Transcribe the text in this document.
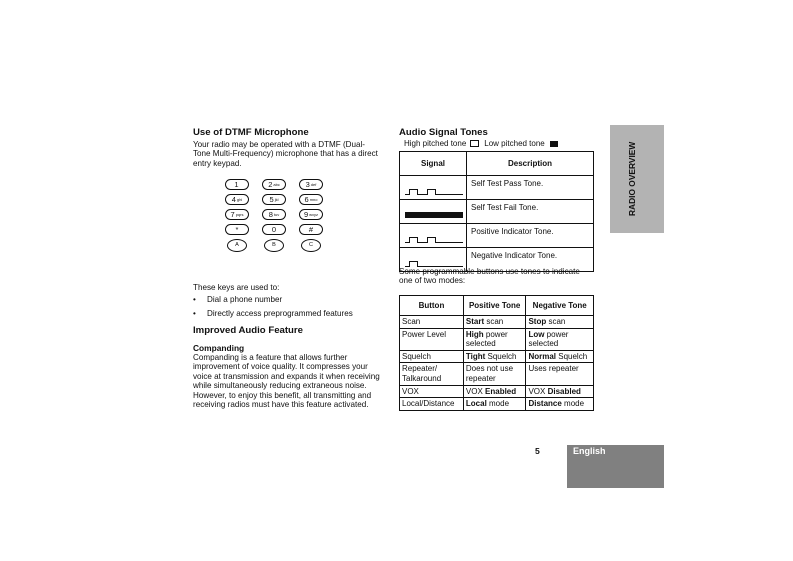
Use of DTMF Microphone
Your radio may be operated with a DTMF (Dual-
Tone Multi-Frequency) microphone that has a direct
entry keypad.
1	2 abc	3 def
4 ghi	5 jkl	6 mno
7 pqrs	8 tuv	9 wxyz
*	0	#
A	B	C
These keys are used to:
• Dial a phone number
• Directly access preprogrammed features
Improved Audio Feature
Companding
Companding is a feature that allows further
improvement of voice quality. It compresses your
voice at transmission and expands it when receiving
while simultaneously reducing extraneous noise.
However, to enjoy this benefit, all transmitting and
receiving radios must have this feature activated.
Audio Signal Tones
High pitched tone Low pitched tone
Signal	Description

	Self Test Pass Tone.

	Self Test Fail Tone.

	Positive Indicator Tone.

	Negative Indicator Tone.
Some programmable buttons use tones to indicate
one of two modes:
Button	Positive Tone	Negative Tone
Scan	Start scan	Stop scan
Power Level	High power selected	Low power selected
Squelch	Tight Squelch	Normal Squelch
Repeater/ Talkaround	Does not use repeater	Uses repeater
VOX	VOX Enabled	VOX Disabled
Local/Distance	Local mode	Distance mode
RADIO OVERVIEW
5	English
